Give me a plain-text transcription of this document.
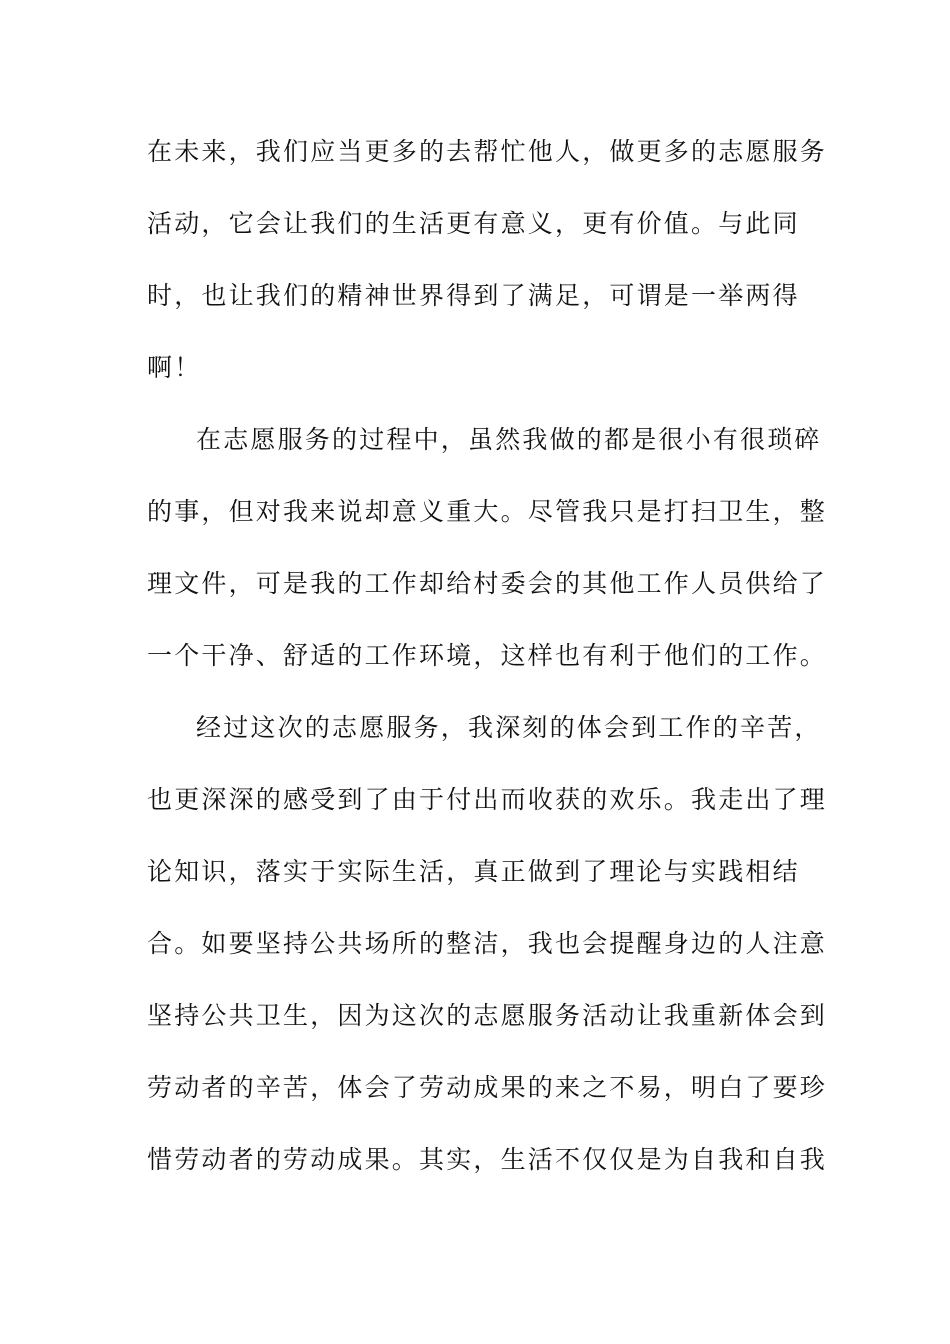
在未来，我们应当更多的去帮忙他人，做更多的志愿服务
活动，它会让我们的生活更有意义，更有价值。与此同
时，也让我们的精神世界得到了满足，可谓是一举两得
啊！
在志愿服务的过程中，虽然我做的都是很小有很琐碎
的事，但对我来说却意义重大。尽管我只是打扫卫生，整
理文件，可是我的工作却给村委会的其他工作人员供给了
一个干净、舒适的工作环境，这样也有利于他们的工作。
经过这次的志愿服务，我深刻的体会到工作的辛苦，
也更深深的感受到了由于付出而收获的欢乐。我走出了理
论知识，落实于实际生活，真正做到了理论与实践相结
合。如要坚持公共场所的整洁，我也会提醒身边的人注意
坚持公共卫生，因为这次的志愿服务活动让我重新体会到
劳动者的辛苦，体会了劳动成果的来之不易，明白了要珍
惜劳动者的劳动成果。其实，生活不仅仅是为自我和自我
